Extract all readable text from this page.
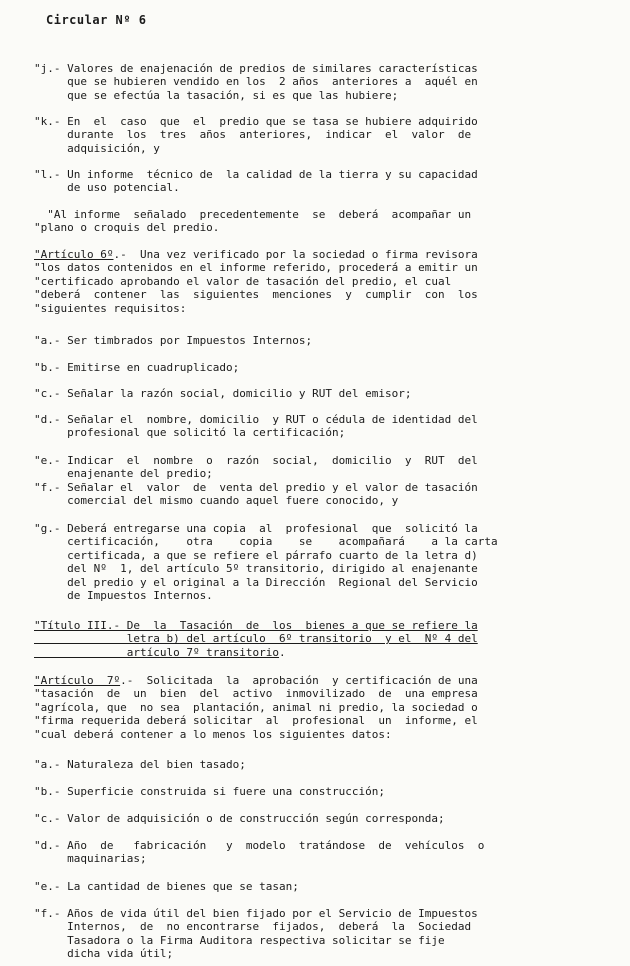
Circular Nº 6

"j.- Valores de enajenación de predios de similares características
que se hubieren vendido en los  2 años  anteriores a  aquél en
que se efectúa la tasación, si es que las hubiere;

"k.- En  el  caso  que  el  predio que se tasa se hubiere adquirido
durante  los  tres  años  anteriores,  indicar  el  valor  de
adquisición, y

"l.- Un informe  técnico de  la calidad de la tierra y su capacidad
de uso potencial.

"Al informe  señalado  precedentemente  se  deberá  acompañar un
"plano o croquis del predio.

"Artículo 6º.-  Una vez verificado por la sociedad o firma revisora
"los datos contenidos en el informe referido, procederá a emitir un
"certificado aprobando el valor de tasación del predio, el cual
"deberá  contener  las  siguientes  menciones  y  cumplir  con  los
"siguientes requisitos:

"a.- Ser timbrados por Impuestos Internos;

"b.- Emitirse en cuadruplicado;

"c.- Señalar la razón social, domicilio y RUT del emisor;

"d.- Señalar el  nombre, domicilio  y RUT o cédula de identidad del
profesional que solicitó la certificación;

"e.- Indicar  el  nombre  o  razón  social,  domicilio  y  RUT  del
enajenante del predio;

"f.- Señalar el  valor  de  venta del predio y el valor de tasación
comercial del mismo cuando aquel fuere conocido, y

"g.- Deberá entregarse una copia  al  profesional  que  solicitó la
certificación,    otra    copia    se    acompañará    a la carta
certificada, a que se refiere el párrafo cuarto de la letra d)
del Nº  1, del artículo 5º transitorio, dirigido al enajenante
del predio y el original a la Dirección  Regional del Servicio
de Impuestos Internos.

"Título III.- De  la  Tasación  de  los  bienes a que se refiere la
letra b) del artículo  6º transitorio  y el  Nº 4 del
artículo 7º transitorio.

"Artículo  7º.-  Solicitada  la  aprobación  y certificación de una
"tasación  de  un  bien  del  activo  inmovilizado  de  una empresa
"agrícola, que  no sea  plantación, animal ni predio, la sociedad o
"firma requerida deberá solicitar  al  profesional  un  informe, el
"cual deberá contener a lo menos los siguientes datos:

"a.- Naturaleza del bien tasado;

"b.- Superficie construida si fuere una construcción;

"c.- Valor de adquisición o de construcción según corresponda;

"d.- Año  de   fabricación   y  modelo  tratándose  de  vehículos  o
maquinarias;

"e.- La cantidad de bienes que se tasan;

"f.- Años de vida útil del bien fijado por el Servicio de Impuestos
Internos,  de  no encontrarse  fijados,  deberá  la  Sociedad
Tasadora o la Firma Auditora respectiva solicitar se fije
dicha vida útil;
